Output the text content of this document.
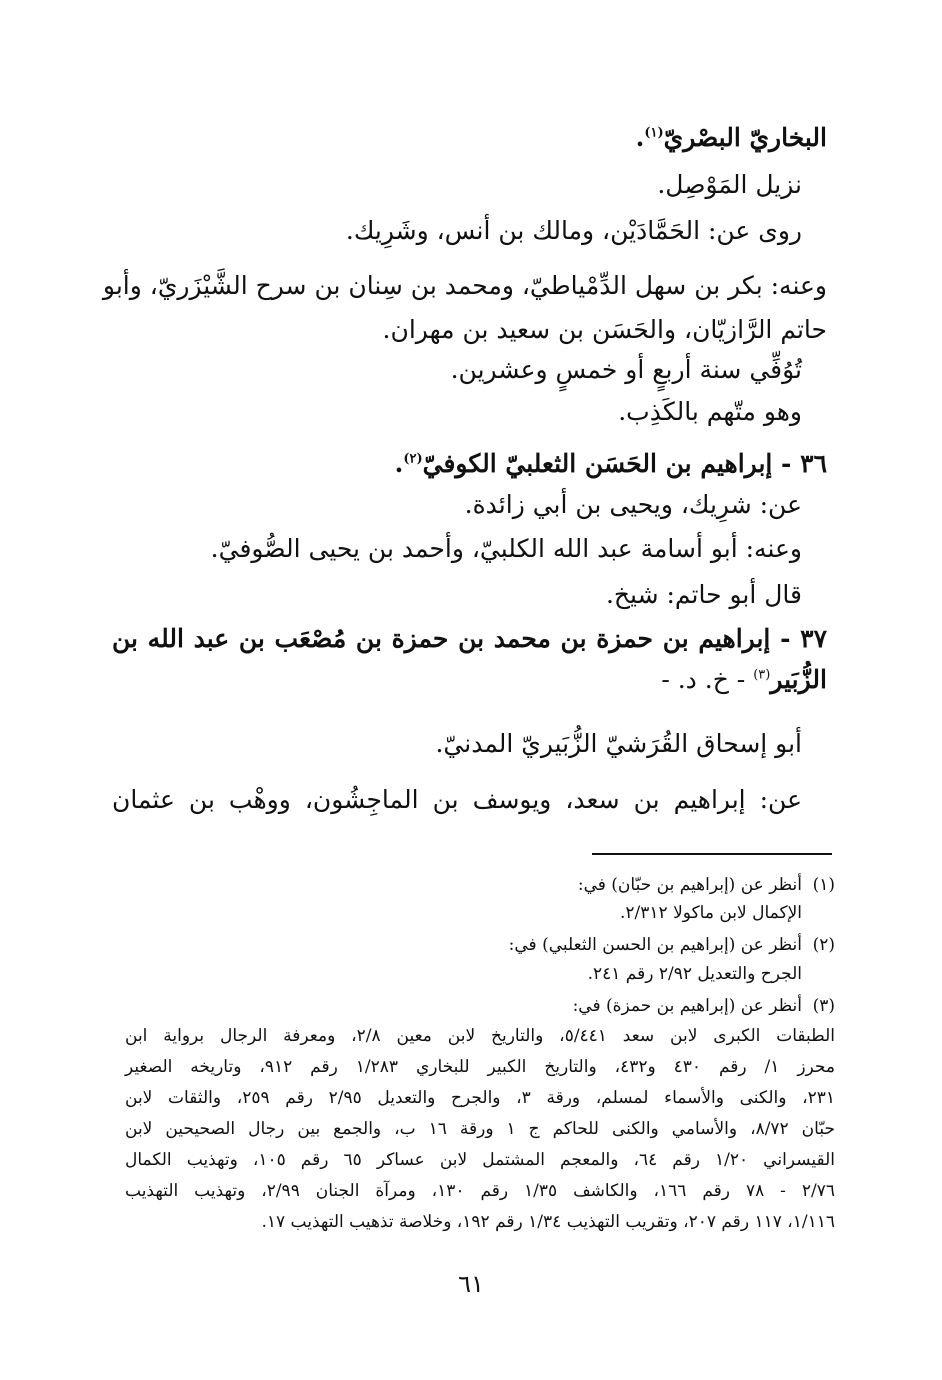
البخاريّ البصْريّ$^{(١)}$.
نزيل المَوْصِل.
روى عن: الحَمَّادَيْن، ومالك بن أنس، وشَرِيك.
وعنه: بكر بن سهل الدِّمْياطيّ، ومحمد بن سِنان بن سرح الشَّيْزَريّ، وأبو
حاتم الرَّازيّان، والحَسَن بن سعيد بن مهران.
تُوُفِّي سنة أربعٍ أو خمسٍ وعشرين.
وهو متّهم بالكَذِب.
٣٦ - إبراهيم بن الحَسَن الثعلبيّ الكوفيّ$^{(٢)}$.
عن: شرِيك، ويحيى بن أبي زائدة.
وعنه: أبو أسامة عبد الله الكلبيّ، وأحمد بن يحيى الصُّوفيّ.
قال أبو حاتم: شيخ.
٣٧ - إبراهيم بن حمزة بن محمد بن حمزة بن مُصْعَب بن عبد الله بن
الزُّبَير$^{(٣)}$ - خ. د. -
أبو إسحاق القُرَشيّ الزُّبَيريّ المدنيّ.
عن: إبراهيم بن سعد، ويوسف بن الماجِشُون، ووهْب بن عثمان
(١)
أنظر عن (إبراهيم بن حبّان) في:
الإكمال لابن ماكولا ٢/٣١٢.
(٢)
أنظر عن (إبراهيم بن الحسن الثعلبي) في:
الجرح والتعديل ٢/٩٢ رقم ٢٤١.
(٣)
أنظر عن (إبراهيم بن حمزة) في:
الطبقات الكبرى لابن سعد ٥/٤٤١، والتاريخ لابن معين ٢/٨، ومعرفة الرجال برواية ابن
محرز ١/ رقم ٤٣٠ و٤٣٢، والتاريخ الكبير للبخاري ١/٢٨٣ رقم ٩١٢، وتاريخه الصغير
٢٣١، والكنى والأسماء لمسلم، ورقة ٣، والجرح والتعديل ٢/٩٥ رقم ٢٥٩، والثقات لابن
حبّان ٨/٧٢، والأسامي والكنى للحاكم ج ١ ورقة ١٦ ب، والجمع بين رجال الصحيحين لابن
القيسراني ١/٢٠ رقم ٦٤، والمعجم المشتمل لابن عساكر ٦٥ رقم ١٠٥، وتهذيب الكمال
٢/٧٦ - ٧٨ رقم ١٦٦، والكاشف ١/٣٥ رقم ١٣٠، ومرآة الجنان ٢/٩٩، وتهذيب التهذيب
١/١١٦، ١١٧ رقم ٢٠٧، وتقريب التهذيب ١/٣٤ رقم ١٩٢، وخلاصة تذهيب التهذيب ١٧.
٦١
